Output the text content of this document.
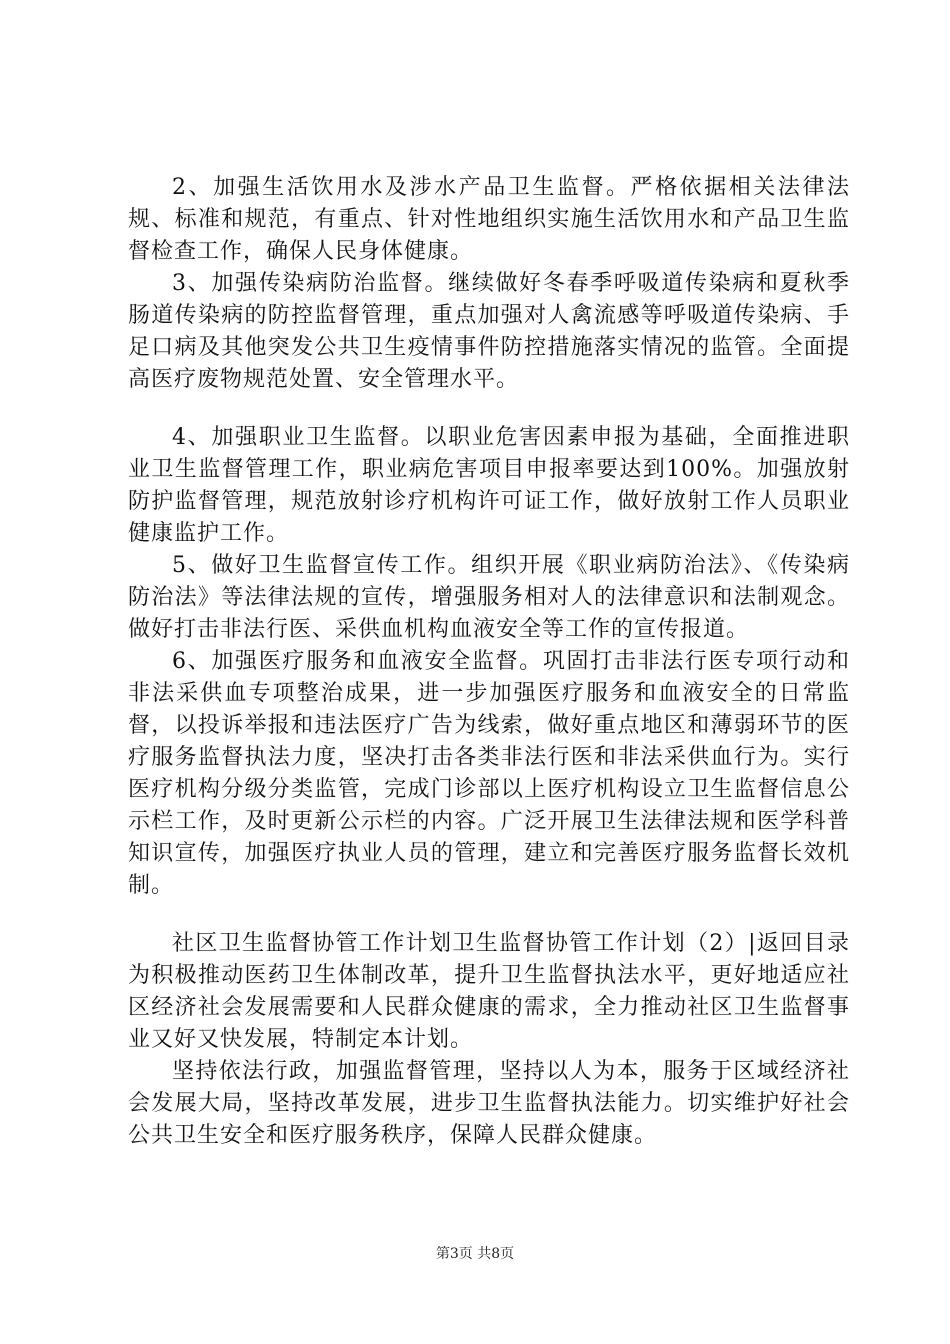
2、加强生活饮用水及涉水产品卫生监督。严格依据相关法律法规、标准和规范，有重点、针对性地组织实施生活饮用水和产品卫生监督检查工作，确保人民身体健康。

3、加强传染病防治监督。继续做好冬春季呼吸道传染病和夏秋季肠道传染病的防控监督管理，重点加强对人禽流感等呼吸道传染病、手足口病及其他突发公共卫生疫情事件防控措施落实情况的监管。全面提高医疗废物规范处置、安全管理水平。

4、加强职业卫生监督。以职业危害因素申报为基础，全面推进职业卫生监督管理工作，职业病危害项目申报率要达到100%。加强放射防护监督管理，规范放射诊疗机构许可证工作，做好放射工作人员职业健康监护工作。

5、做好卫生监督宣传工作。组织开展《职业病防治法》、《传染病防治法》等法律法规的宣传，增强服务相对人的法律意识和法制观念。做好打击非法行医、采供血机构血液安全等工作的宣传报道。

6、加强医疗服务和血液安全监督。巩固打击非法行医专项行动和非法采供血专项整治成果，进一步加强医疗服务和血液安全的日常监督，以投诉举报和违法医疗广告为线索，做好重点地区和薄弱环节的医疗服务监督执法力度，坚决打击各类非法行医和非法采供血行为。实行医疗机构分级分类监管，完成门诊部以上医疗机构设立卫生监督信息公示栏工作，及时更新公示栏的内容。广泛开展卫生法律法规和医学科普知识宣传，加强医疗执业人员的管理，建立和完善医疗服务监督长效机制。

社区卫生监督协管工作计划卫生监督协管工作计划（2）|返回目录为积极推动医药卫生体制改革，提升卫生监督执法水平，更好地适应社区经济社会发展需要和人民群众健康的需求，全力推动社区卫生监督事业又好又快发展，特制定本计划。

坚持依法行政，加强监督管理，坚持以人为本，服务于区域经济社会发展大局，坚持改革发展，进步卫生监督执法能力。切实维护好社会公共卫生安全和医疗服务秩序，保障人民群众健康。

第3页 共8页
